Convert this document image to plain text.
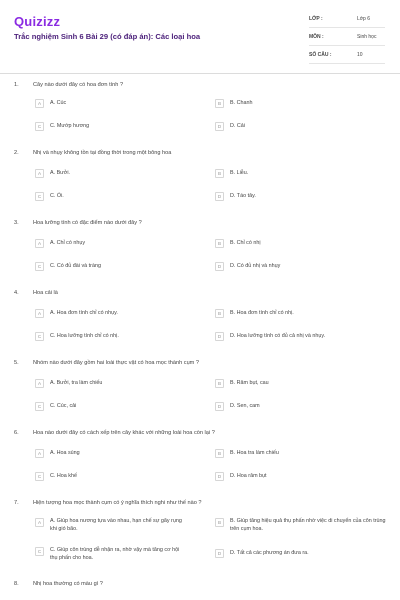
Quizizz
Trắc nghiệm Sinh 6 Bài 29 (có đáp án): Các loại hoa
LỚP :	Lớp 6
MÔN :	Sinh học
SỐ CÂU :	10
1.	Cây nào dưới đây có hoa đơn tính ?
A	A. Cúc	B	B. Chanh
C	C. Mướp hương	D	D. Cải
2.	Nhị và nhụy không tồn tại đồng thời trong một bông hoa
A	A. Bưởi.	B	B. Liễu.
C	C. Ổi.	D	D. Táo tây.
3.	Hoa lưỡng tính có đặc điểm nào dưới đây ?
A	A. Chỉ có nhụy	B	B. Chỉ có nhị
C	C. Có đủ đài và tràng	D	D. Có đủ nhị và nhụy
4.	Hoa cải là
A	A. Hoa đơn tính chỉ có nhụy.	B	B. Hoa đơn tính chỉ có nhị.
C	C. Hoa lưỡng tính chỉ có nhị.	D	D. Hoa lưỡng tính có đủ cả nhị và nhụy.
5.	Nhóm nào dưới đây gồm hai loài thực vật có hoa mọc thành cụm ?
A	A. Bưởi, tra làm chiếu	B	B. Râm bụt, cau
C	C. Cúc, cải	D	D. Sen, cam
6.	Hoa nào dưới đây có cách xếp trên cây khác với những loài hoa còn lại ?
A	A. Hoa súng	B	B. Hoa tra làm chiếu
C	C. Hoa khế	D	D. Hoa râm bụt
7.	Hiện tượng hoa mọc thành cụm có ý nghĩa thích nghi như thế nào ?
A	A. Giúp hoa nương tựa vào nhau, hạn chế sự gãy rụng khi gió bão.
B	B. Giúp tăng hiệu quả thụ phấn nhờ việc di chuyển của côn trùng trên cụm hoa.
C	C. Giúp côn trùng dễ nhận ra, nhờ vậy mà tăng cơ hội thụ phấn cho hoa.
D	D. Tất cả các phương án đưa ra.
8.	Nhị hoa thường có màu gì ?
